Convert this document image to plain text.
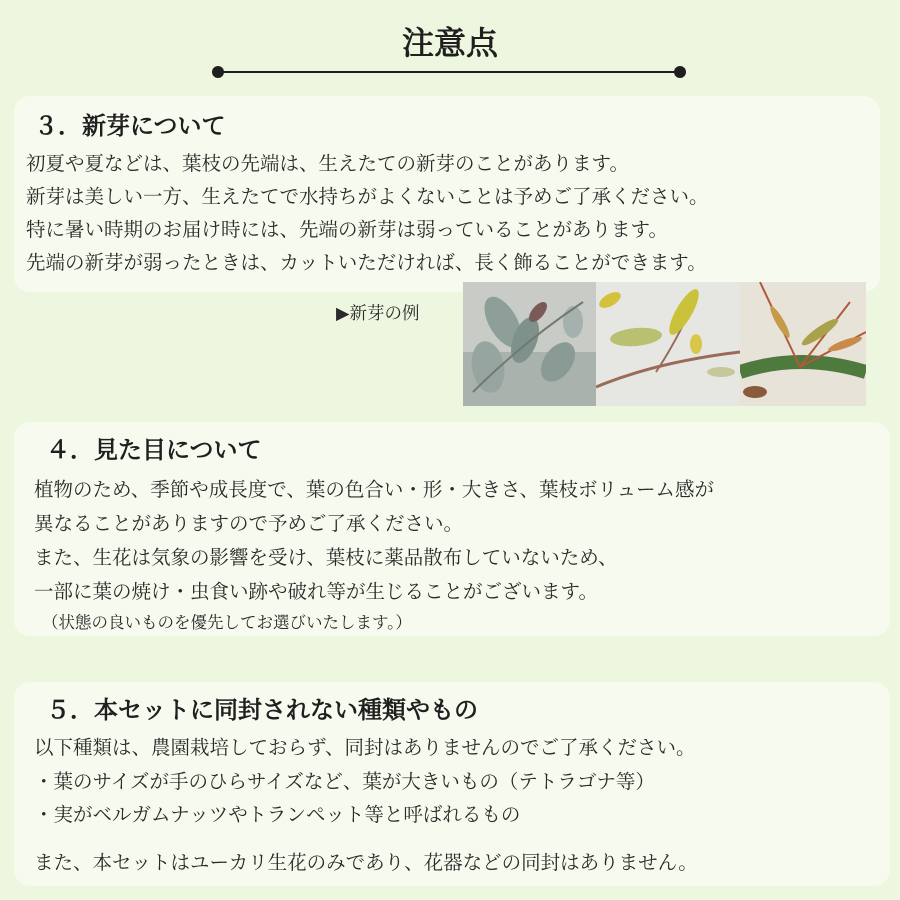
注意点
３．新芽について
初夏や夏などは、葉枝の先端は、生えたての新芽のことがあります。
新芽は美しい一方、生えたてで水持ちがよくないことは予めご了承ください。
特に暑い時期のお届け時には、先端の新芽は弱っていることがあります。
先端の新芽が弱ったときは、カットいただければ、長く飾ることができます。
▶新芽の例
４．見た目について
植物のため、季節や成長度で、葉の色合い・形・大きさ、葉枝ボリューム感が
異なることがありますので予めご了承ください。
また、生花は気象の影響を受け、葉枝に薬品散布していないため、
一部に葉の焼け・虫食い跡や破れ等が生じることがございます。
（状態の良いものを優先してお選びいたします。）
５．本セットに同封されない種類やもの
以下種類は、農園栽培しておらず、同封はありませんのでご了承ください。
・葉のサイズが手のひらサイズなど、葉が大きいもの（テトラゴナ等）
・実がベルガムナッツやトランペット等と呼ばれるもの
また、本セットはユーカリ生花のみであり、花器などの同封はありません。
